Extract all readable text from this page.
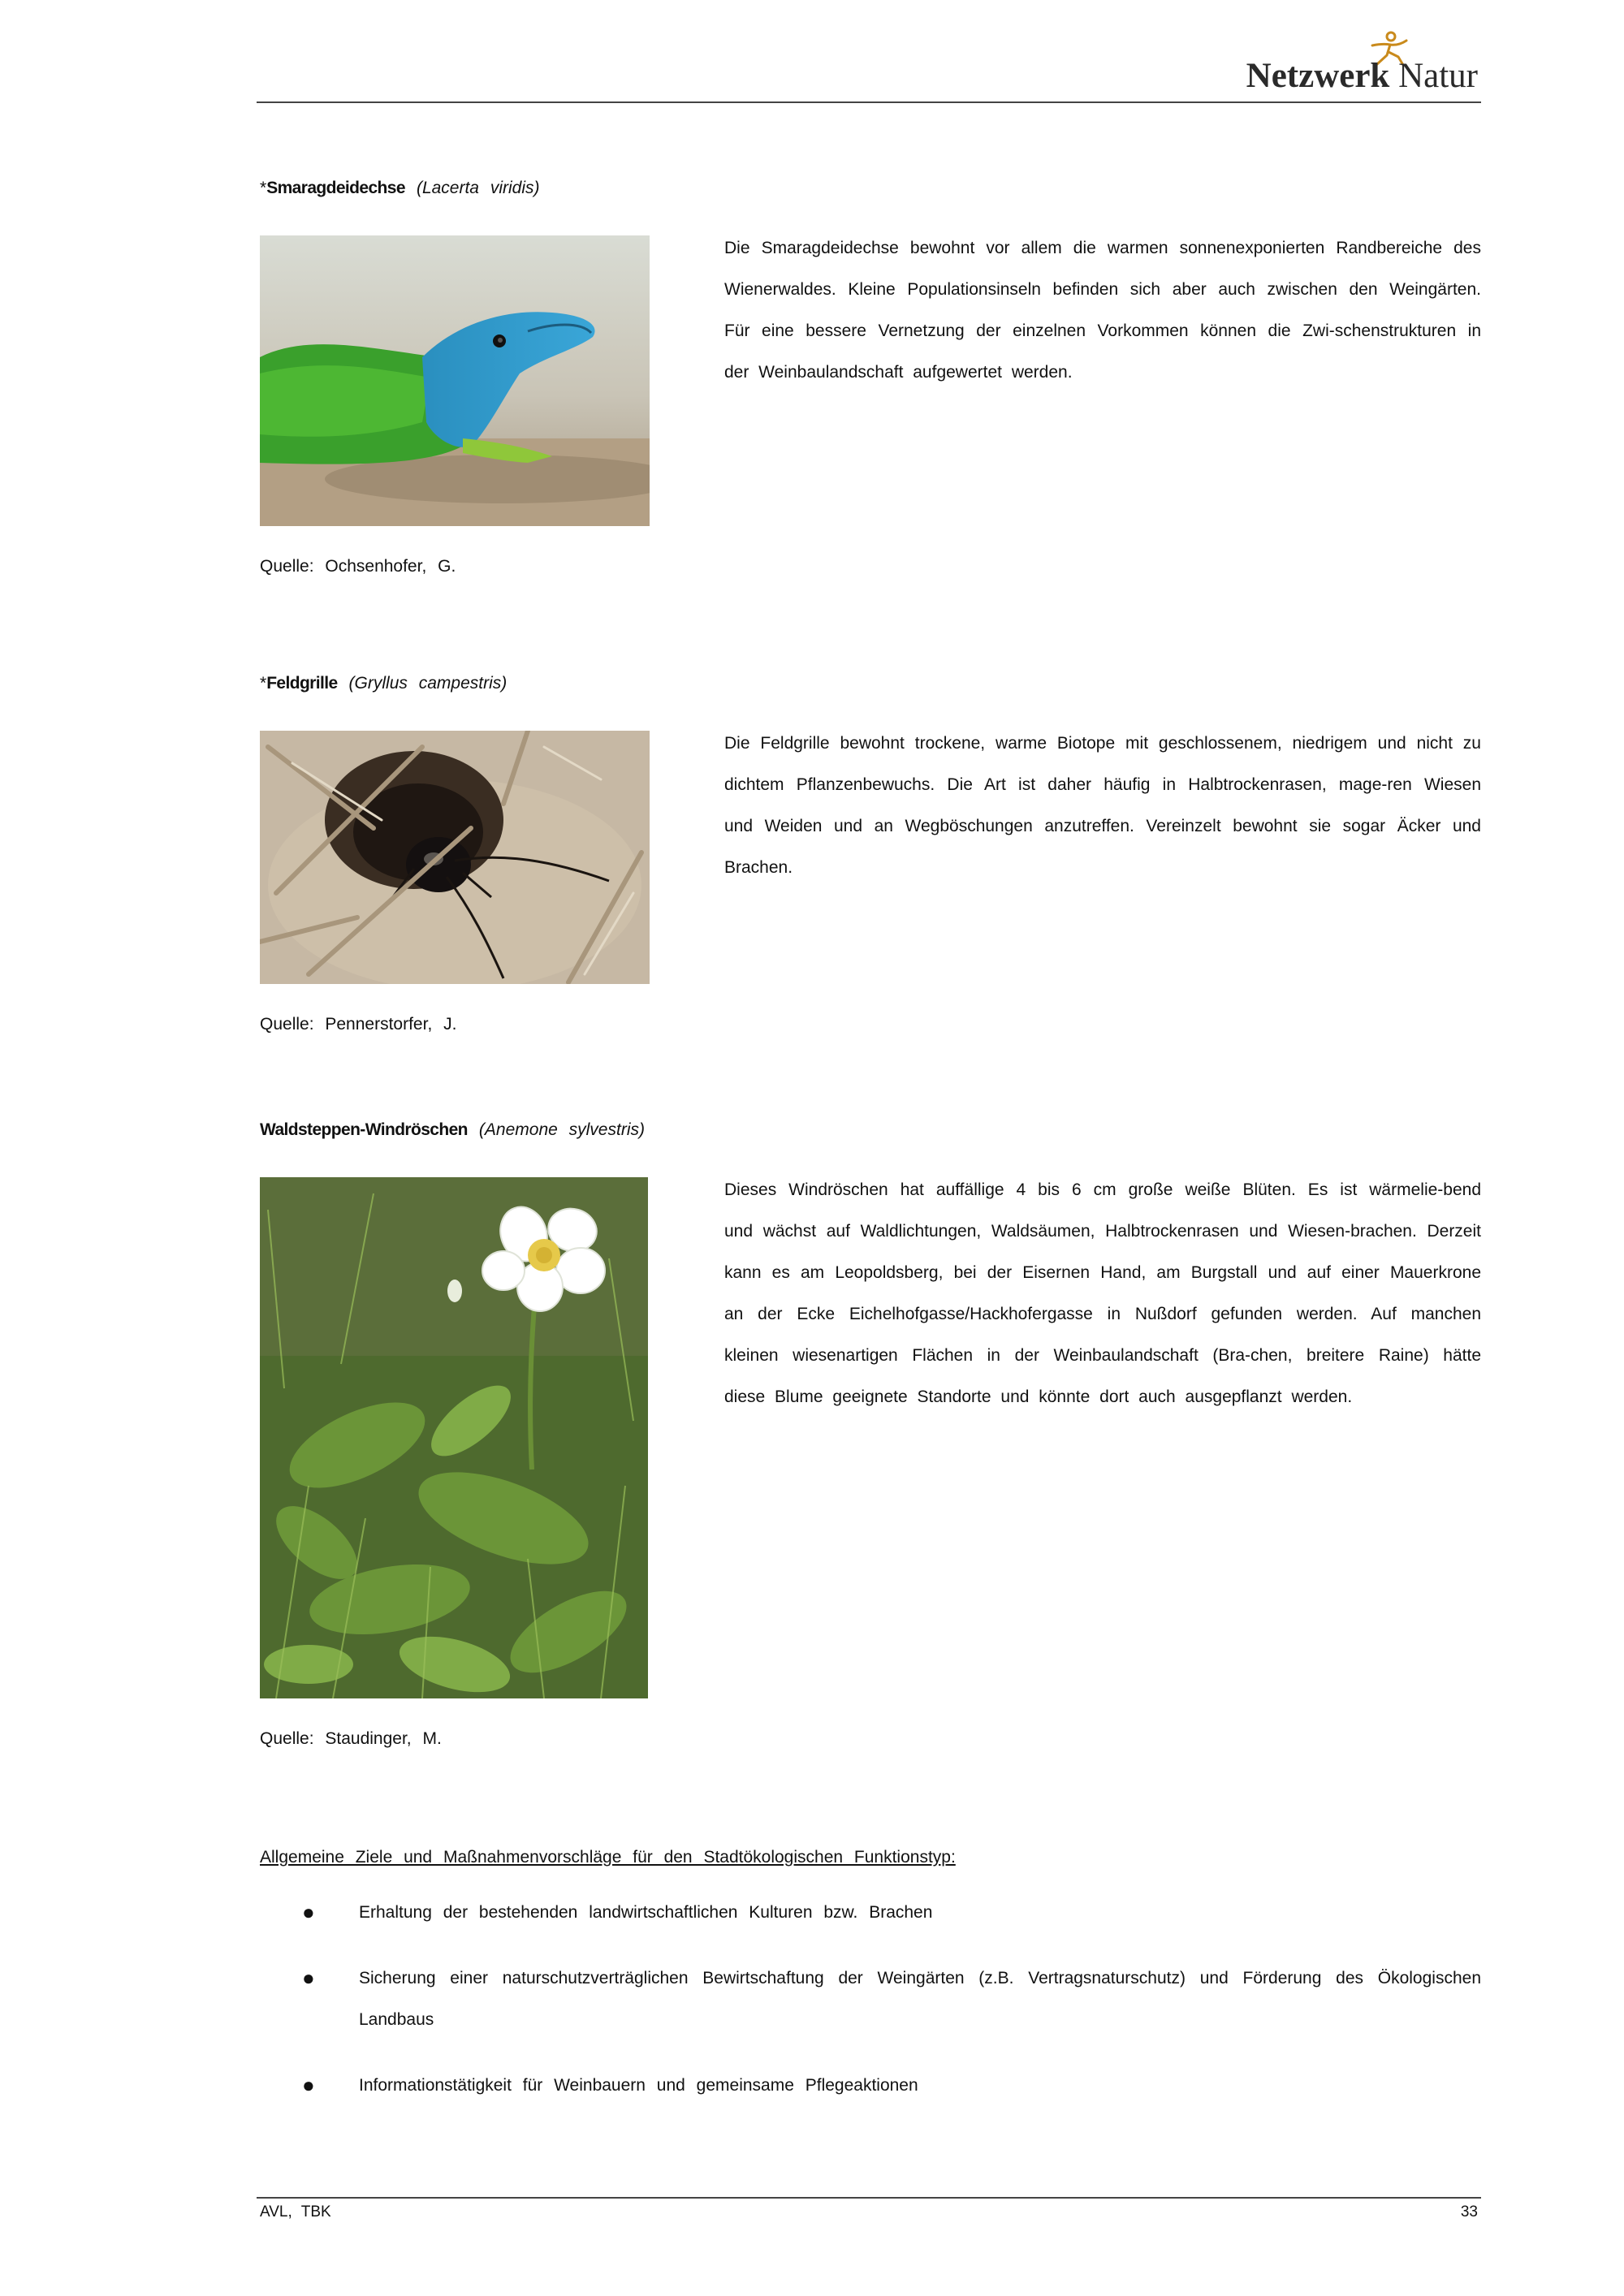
Netzwerk Natur
*Smaragdeidechse (Lacerta viridis)

Die Smaragdeidechse bewohnt vor allem die warmen sonnenexponierten Randbereiche des Wienerwaldes. Kleine Populationsinseln befinden sich aber auch zwischen den Weingärten. Für eine bessere Vernetzung der einzelnen Vorkommen können die Zwi-schenstrukturen in der Weinbaulandschaft aufgewertet werden.

Quelle: Ochsenhofer, G.
*Feldgrille (Gryllus campestris)

Die Feldgrille bewohnt trockene, warme Biotope mit geschlossenem, niedrigem und nicht zu dichtem Pflanzenbewuchs. Die Art ist daher häufig in Halbtrockenrasen, mage-ren Wiesen und Weiden und an Wegböschungen anzutreffen. Vereinzelt bewohnt sie sogar Äcker und Brachen.

Quelle: Pennerstorfer, J.
Waldsteppen-Windröschen (Anemone sylvestris)

Dieses Windröschen hat auffällige 4 bis 6 cm große weiße Blüten. Es ist wärmelie-bend und wächst auf Waldlichtungen, Waldsäumen, Halbtrockenrasen und Wiesen-brachen. Derzeit kann es am Leopoldsberg, bei der Eisernen Hand, am Burgstall und auf einer Mauerkrone an der Ecke Eichelhofgasse/Hackhofergasse in Nußdorf gefunden werden. Auf manchen kleinen wiesenartigen Flächen in der Weinbaulandschaft (Bra-chen, breitere Raine) hätte diese Blume geeignete Standorte und könnte dort auch ausgepflanzt werden.

Quelle: Staudinger, M.
Allgemeine Ziele und Maßnahmenvorschläge für den Stadtökologischen Funktionstyp:
●	Erhaltung der bestehenden landwirtschaftlichen Kulturen bzw. Brachen
●	Sicherung einer naturschutzverträglichen Bewirtschaftung der Weingärten (z.B. Vertragsnaturschutz) und Förderung des Ökologischen Landbaus
●	Informationstätigkeit für Weinbauern und gemeinsame Pflegeaktionen
AVL, TBK	33
